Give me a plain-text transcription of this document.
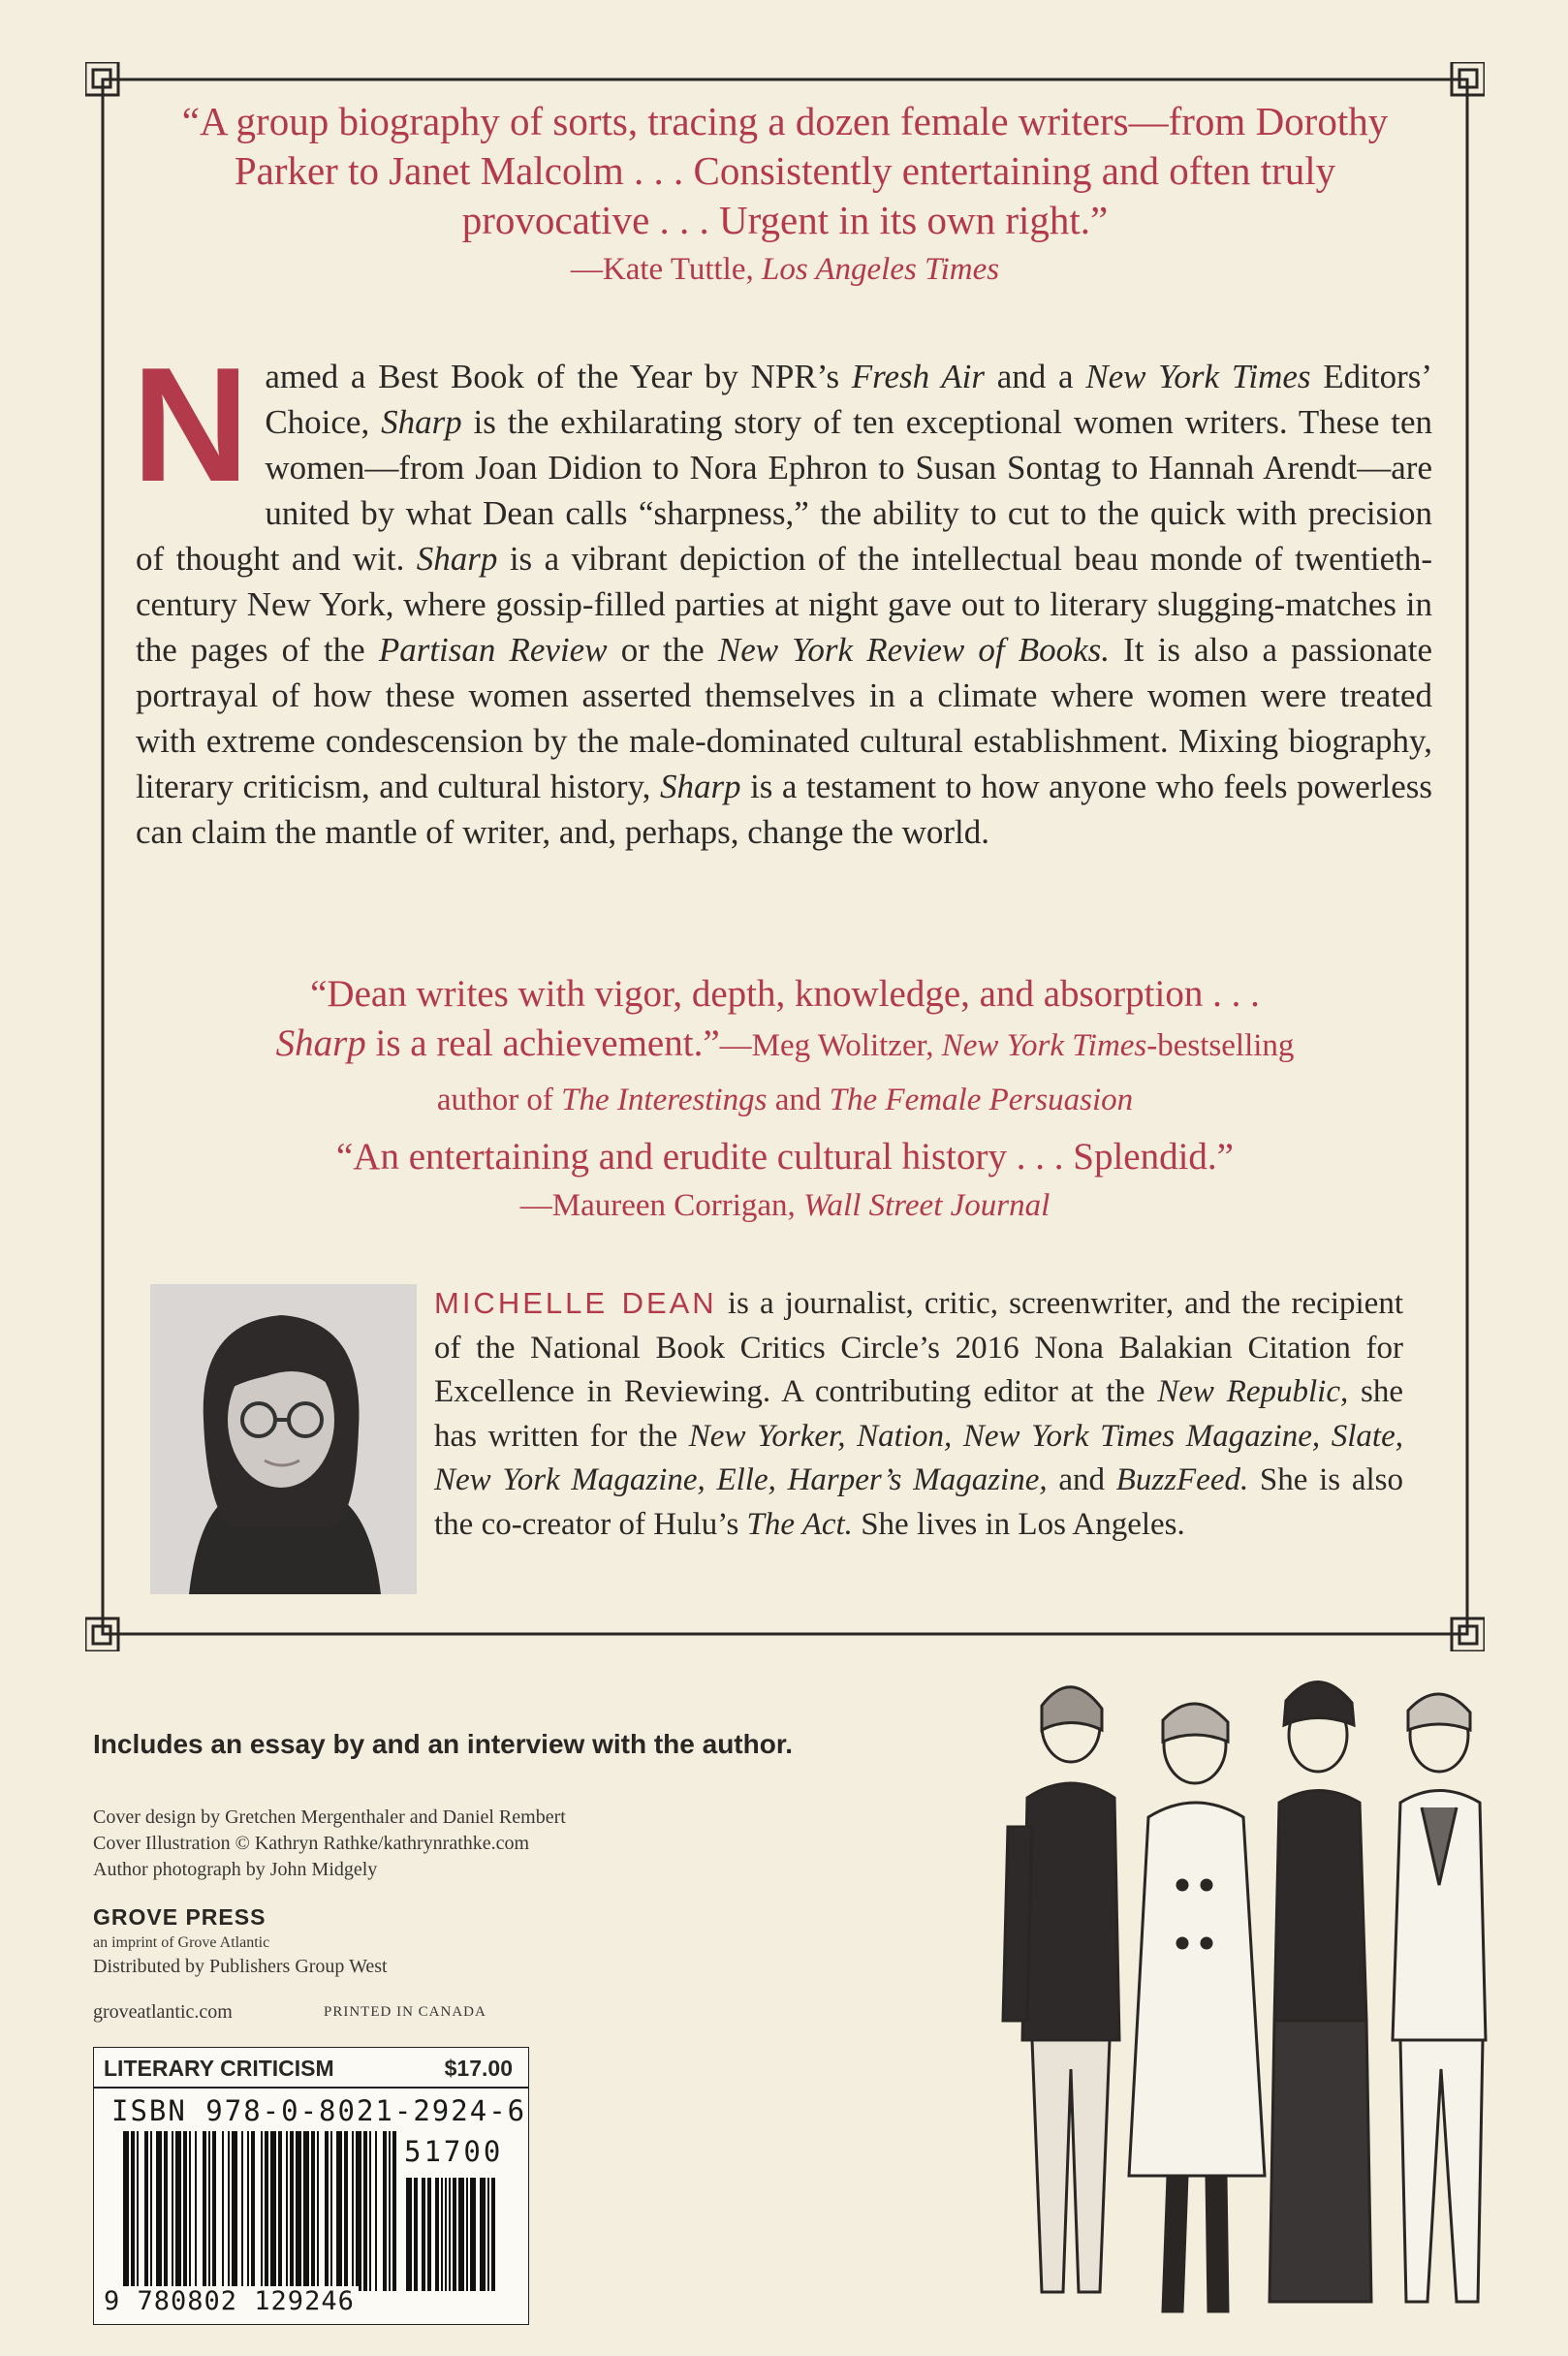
“A group biography of sorts, tracing a dozen female writers—from Dorothy Parker to Janet Malcolm . . . Consistently entertaining and often truly provocative . . . Urgent in its own right.”
—Kate Tuttle, Los Angeles Times
N amed a Best Book of the Year by NPR’s Fresh Air and a New York Times Editors’ Choice, Sharp is the exhilarating story of ten exceptional women writers. These ten women—from Joan Didion to Nora Ephron to Susan Sontag to Hannah Arendt—are united by what Dean calls “sharpness,” the ability to cut to the quick with precision of thought and wit. Sharp is a vibrant depiction of the intellectual beau monde of twentieth-century New York, where gossip-filled parties at night gave out to literary slugging-matches in the pages of the Partisan Review or the New York Review of Books. It is also a passionate portrayal of how these women asserted themselves in a climate where women were treated with extreme condescension by the male-dominated cultural establishment. Mixing biography, literary criticism, and cultural history, Sharp is a testament to how anyone who feels powerless can claim the mantle of writer, and, perhaps, change the world.
“Dean writes with vigor, depth, knowledge, and absorption . . .
Sharp is a real achievement.”—Meg Wolitzer, New York Times-bestselling
author of The Interestings and The Female Persuasion
“An entertaining and erudite cultural history . . . Splendid.”
—Maureen Corrigan, Wall Street Journal
MICHELLE DEAN is a journalist, critic, screenwriter, and the recipient of the National Book Critics Circle’s 2016 Nona Balakian Citation for Excellence in Reviewing. A contributing editor at the New Republic, she has written for the New Yorker, Nation, New York Times Magazine, Slate, New York Magazine, Elle, Harper’s Magazine, and BuzzFeed. She is also the co-creator of Hulu’s The Act. She lives in Los Angeles.
Includes an essay by and an interview with the author.
Cover design by Gretchen Mergenthaler and Daniel Rembert
Cover Illustration © Kathryn Rathke/kathrynrathke.com
Author photograph by John Midgely
GROVE PRESS
an imprint of Grove Atlantic
Distributed by Publishers Group West
groveatlantic.com	PRINTED IN CANADA
LITERARY CRITICISM	$17.00
ISBN 978-0-8021-2924-6
51700
9 780802 129246
